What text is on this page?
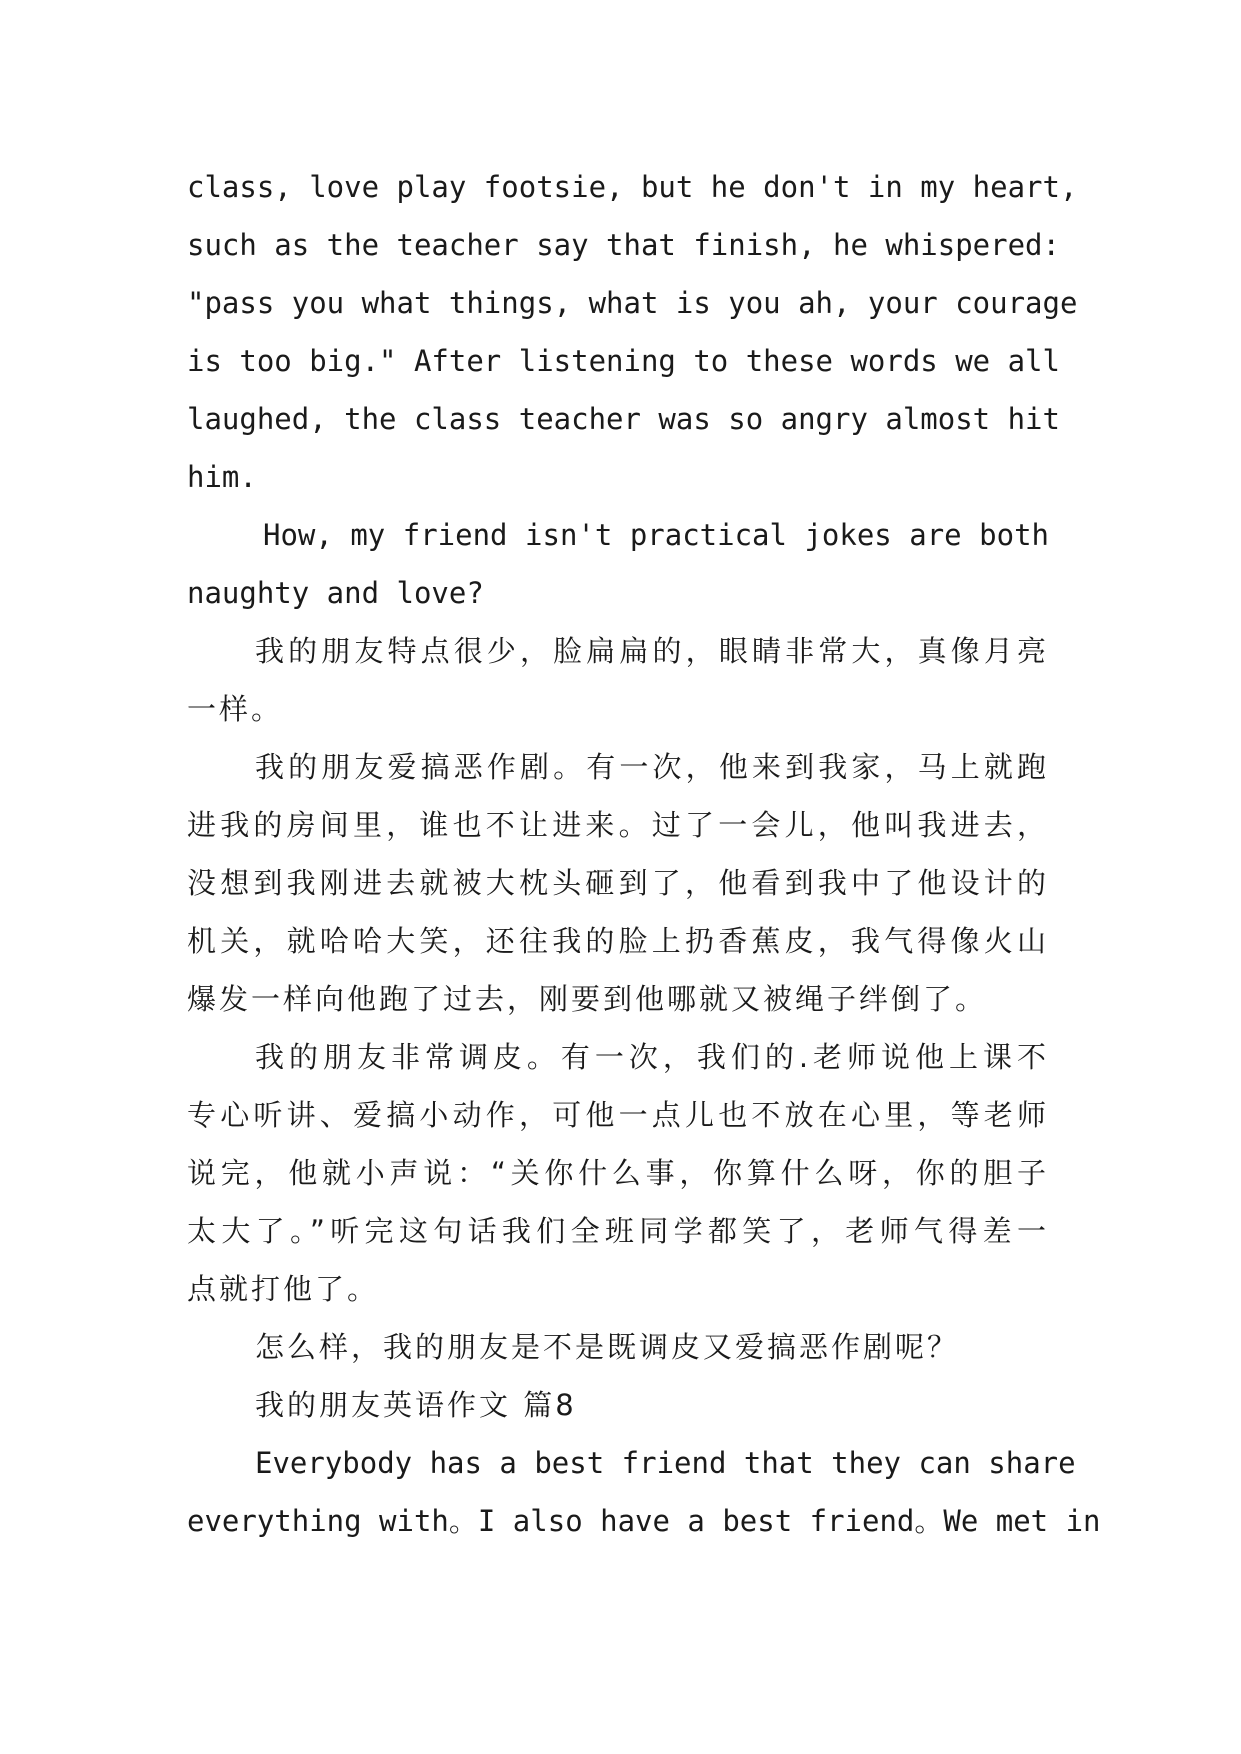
class, love play footsie, but he don't in my heart,
such as the teacher say that finish, he whispered:
"pass you what things, what is you ah, your courage
is too big." After listening to these words we all
laughed, the class teacher was so angry almost hit
him.
How, my friend isn't practical jokes are both
naughty and love?
我的朋友特点很少，脸扁扁的，眼睛非常大，真像月亮
一样。
我的朋友爱搞恶作剧。有一次，他来到我家，马上就跑
进我的房间里，谁也不让进来。过了一会儿，他叫我进去，
没想到我刚进去就被大枕头砸到了，他看到我中了他设计的
机关，就哈哈大笑，还往我的脸上扔香蕉皮，我气得像火山
爆发一样向他跑了过去，刚要到他哪就又被绳子绊倒了。
我的朋友非常调皮。有一次，我们的.老师说他上课不
专心听讲、爱搞小动作，可他一点儿也不放在心里，等老师
说完，他就小声说：“关你什么事，你算什么呀，你的胆子
太大了。”听完这句话我们全班同学都笑了，老师气得差一
点就打他了。
怎么样，我的朋友是不是既调皮又爱搞恶作剧呢？
我的朋友英语作文 篇8
Everybody has a best friend that they can share
everything with。I also have a best friend。We met in
